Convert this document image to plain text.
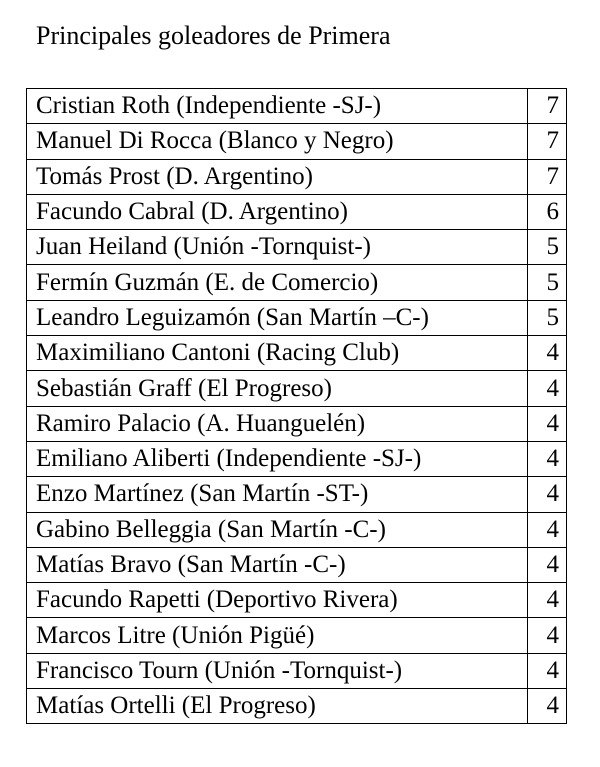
Principales goleadores de Primera
Cristian Roth (Independiente -SJ-)	7
Manuel Di Rocca (Blanco y Negro)	7
Tomás Prost (D. Argentino)	7
Facundo Cabral (D. Argentino)	6
Juan Heiland (Unión -Tornquist-)	5
Fermín Guzmán (E. de Comercio)	5
Leandro Leguizamón (San Martín –C-)	5
Maximiliano Cantoni (Racing Club)	4
Sebastián Graff (El Progreso)	4
Ramiro Palacio (A. Huanguelén)	4
Emiliano Aliberti (Independiente -SJ-)	4
Enzo Martínez (San Martín -ST-)	4
Gabino Belleggia (San Martín -C-)	4
Matías Bravo (San Martín -C-)	4
Facundo Rapetti (Deportivo Rivera)	4
Marcos Litre (Unión Pigüé)	4
Francisco Tourn (Unión -Tornquist-)	4
Matías Ortelli (El Progreso)	4
